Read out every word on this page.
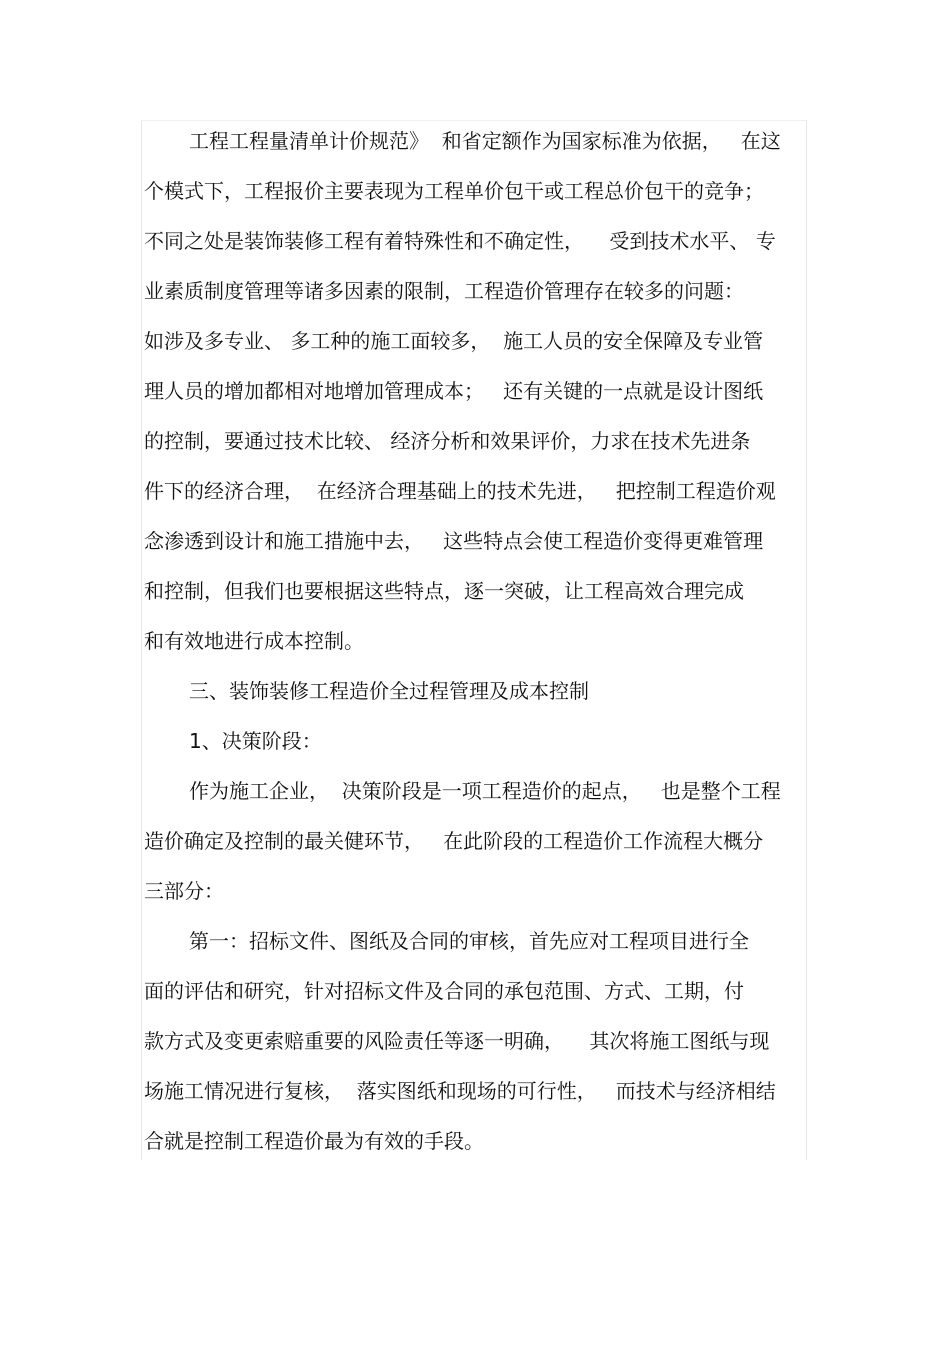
工程工程量清单计价规范》  和省定额作为国家标准为依据，   在这
个模式下，工程报价主要表现为工程单价包干或工程总价包干的竞争；
不同之处是装饰装修工程有着特殊性和不确定性，    受到技术水平、 专
业素质制度管理等诸多因素的限制，工程造价管理存在较多的问题：
如涉及多专业、 多工种的施工面较多，  施工人员的安全保障及专业管
理人员的增加都相对地增加管理成本；   还有关键的一点就是设计图纸
的控制，要通过技术比较、 经济分析和效果评价，力求在技术先进条
件下的经济合理，  在经济合理基础上的技术先进，   把控制工程造价观
念渗透到设计和施工措施中去，   这些特点会使工程造价变得更难管理
和控制，但我们也要根据这些特点，逐一突破，让工程高效合理完成
和有效地进行成本控制。
三、装饰装修工程造价全过程管理及成本控制
1、决策阶段：
作为施工企业，  决策阶段是一项工程造价的起点，   也是整个工程
造价确定及控制的最关健环节，   在此阶段的工程造价工作流程大概分
三部分：
第一：招标文件、图纸及合同的审核，首先应对工程项目进行全
面的评估和研究，针对招标文件及合同的承包范围、方式、工期，付
款方式及变更索赔重要的风险责任等逐一明确，    其次将施工图纸与现
场施工情况进行复核，  落实图纸和现场的可行性，   而技术与经济相结
合就是控制工程造价最为有效的手段。
